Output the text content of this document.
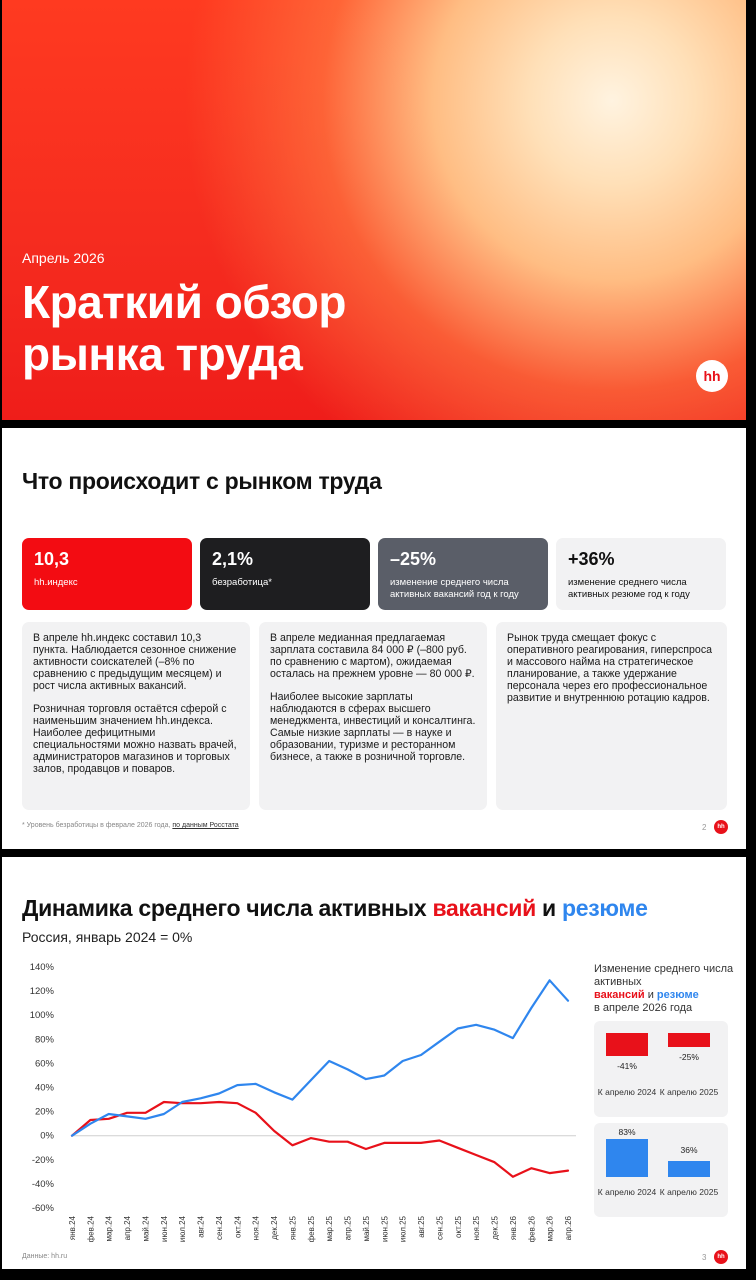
Апрель 2026
Краткий обзор
рынка труда	hh
Что происходит с рынком труда
10,3
hh.индекс
2,1%
безработица*
–25%
изменение среднего числа активных вакансий год к году
+36%
изменение среднего числа активных резюме год к году

В апреле hh.индекс составил 10,3 пункта. Наблюдается сезонное снижение активности соискателей (–8% по сравнению с предыдущим месяцем) и рост числа активных вакансий.

Розничная торговля остаётся сферой с наименьшим значением hh.индекса. Наиболее дефицитными специальностями можно назвать врачей, администраторов магазинов и торговых залов, продавцов и поваров.

В апреле медианная предлагаемая зарплата составила 84 000 ₽ (–800 руб. по сравнению с мартом), ожидаемая осталась на прежнем уровне — 80 000 ₽.

Наиболее высокие зарплаты наблюдаются в сферах высшего менеджмента, инвестиций и консалтинга. Самые низкие зарплаты — в науке и образовании, туризме и ресторанном бизнесе, а также в розничной торговле.

Рынок труда смещает фокус с оперативного реагирования, гиперспроса и массового найма на стратегическое планирование, а также удержание персонала через его профессиональное развитие и внутреннюю ротацию кадров.

* Уровень безработицы в феврале 2026 года, по данным Росстата	2	hh
Динамика среднего числа активных вакансий и резюме
Россия, январь 2024 = 0%
140%
120%
100%
80%
60%
40%
20%
0%
-20%
-40%
-60%
янв.24 фев.24 мар.24 апр.24 май.24 июн.24 июл.24 авг.24 сен.24 окт.24 ноя.24 дек.24 янв.25 фев.25 мар.25 апр.25 май.25 июн.25 июл.25 авг.25 сен.25 окт.25 ноя.25 дек.25 янв.26 фев.26 мар.26 апр.26
Изменение среднего числа активных
вакансий и резюме
в апреле 2026 года
-41%
-25%
К апрелю 2024 К апрелю 2025
83%
36%
К апрелю 2024 К апрелю 2025
Данные: hh.ru	3	hh
